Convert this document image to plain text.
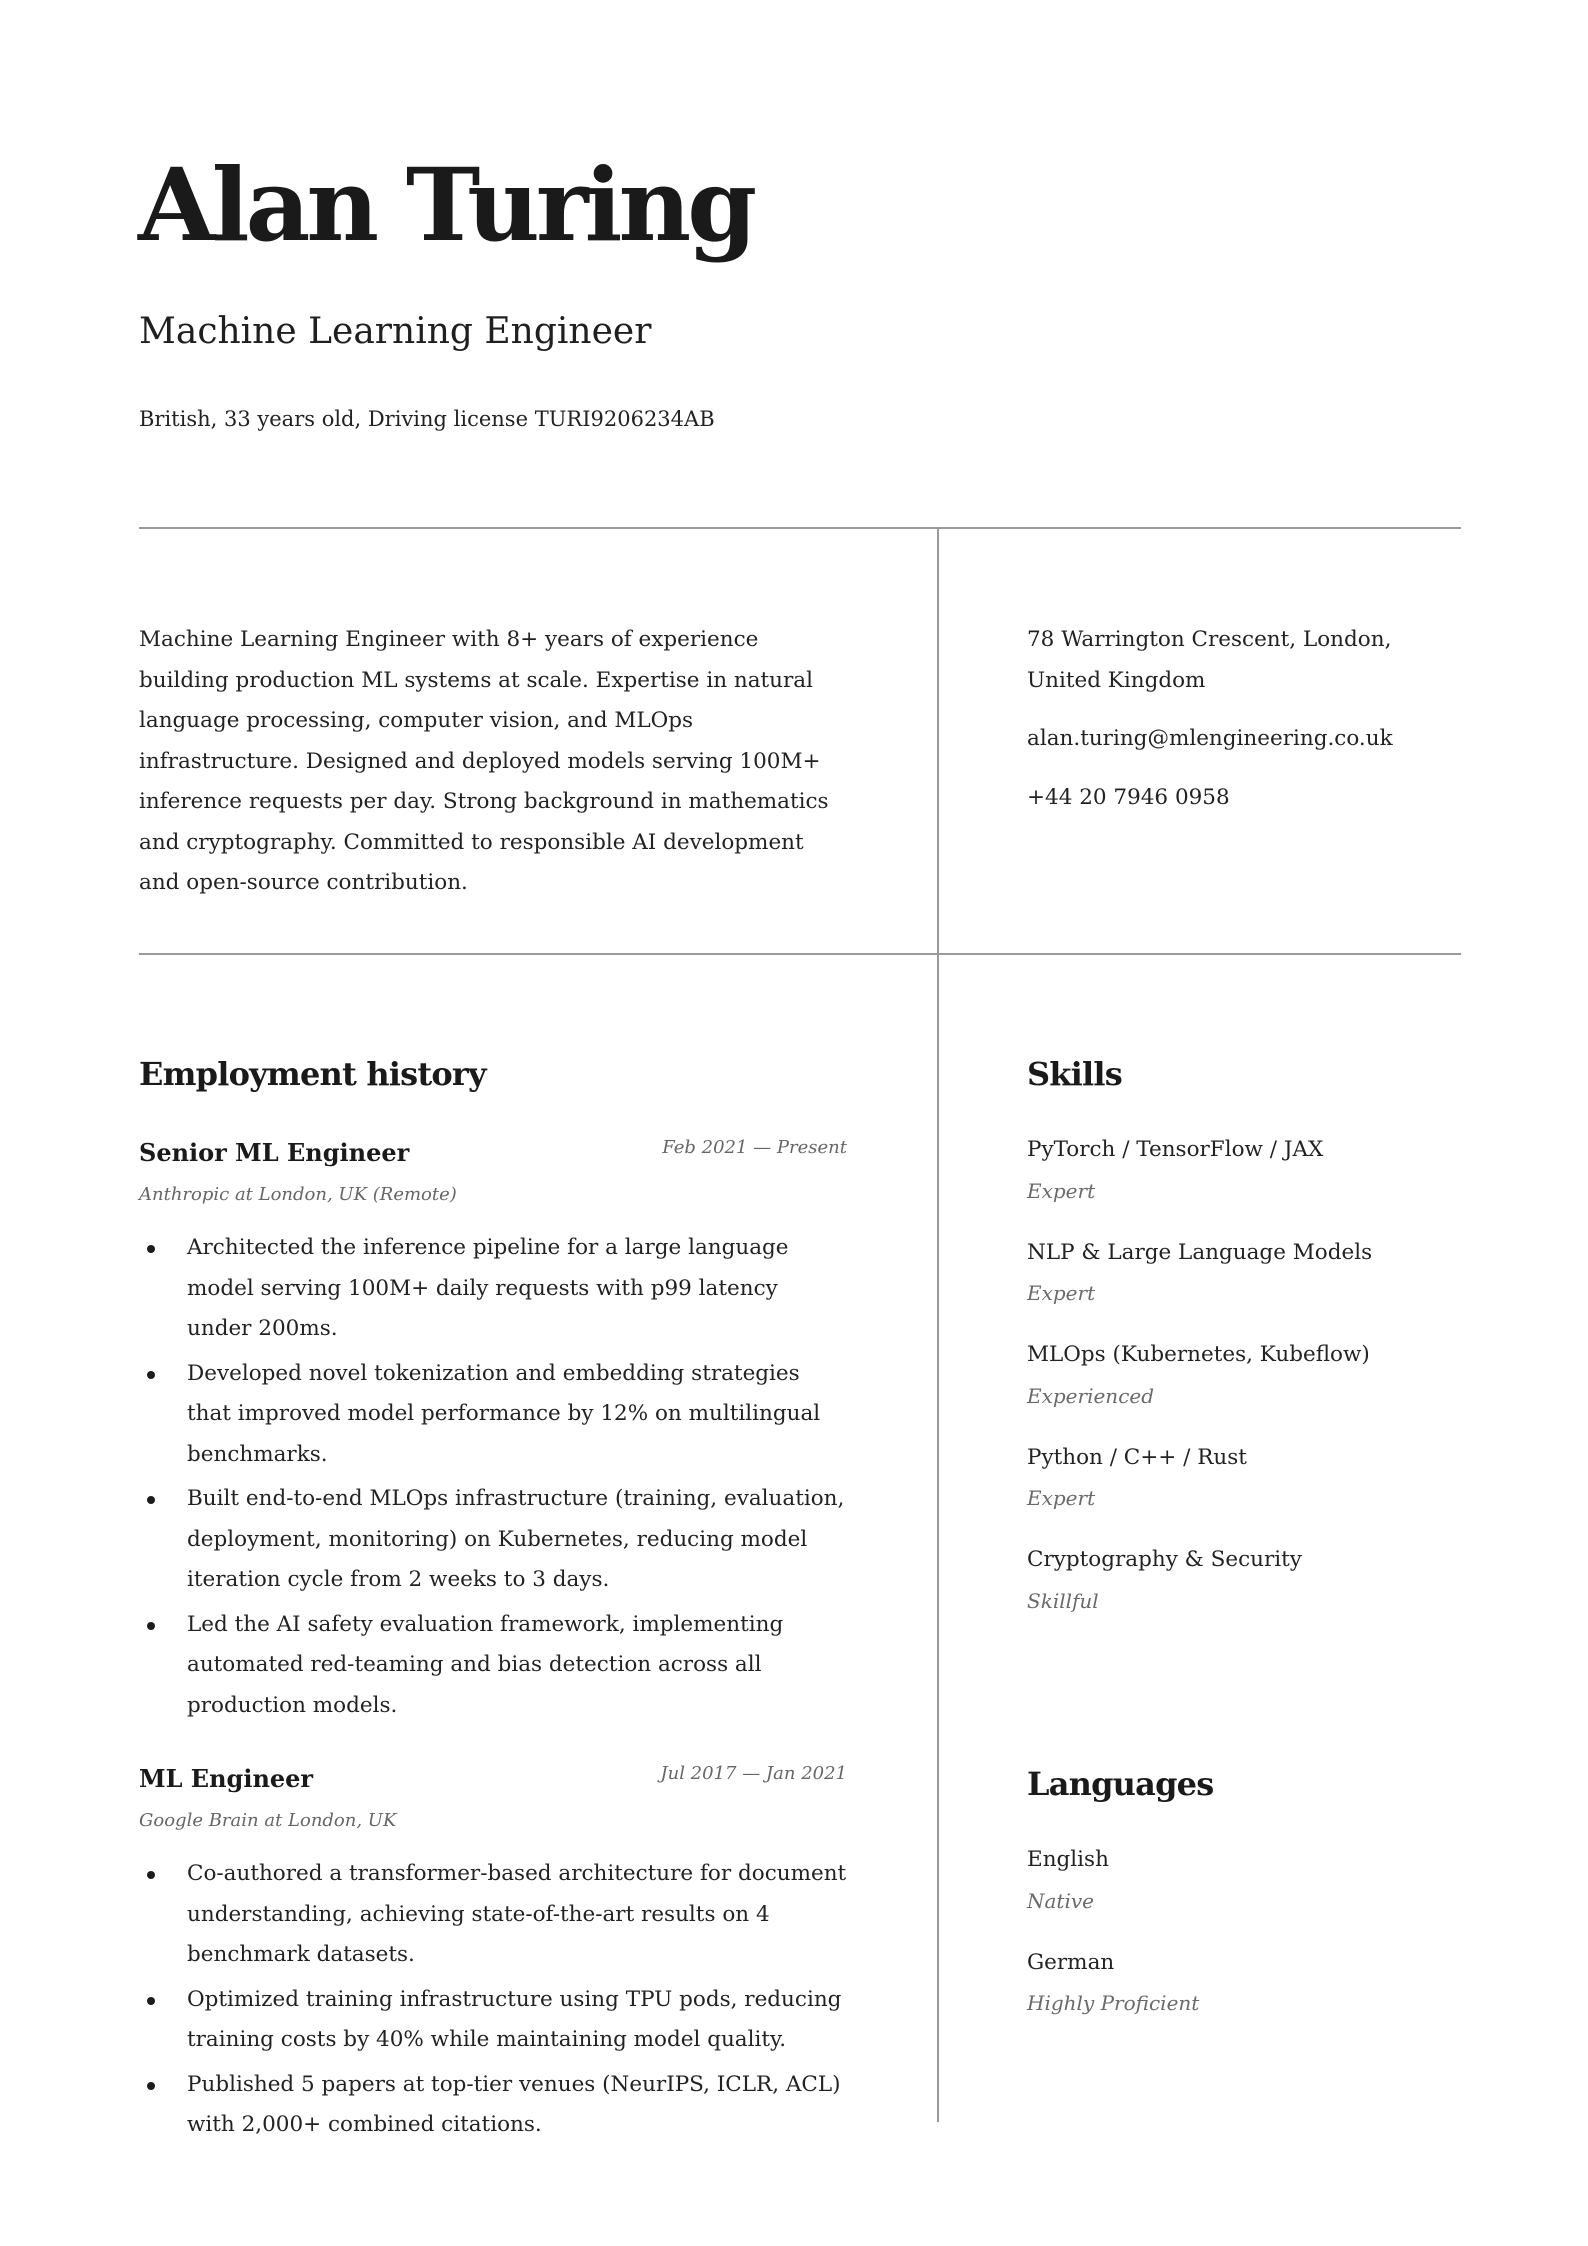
Alan Turing

Machine Learning Engineer

British, 33 years old, Driving license TURI9206234AB

Machine Learning Engineer with 8+ years of experience building production ML systems at scale. Expertise in natural language processing, computer vision, and MLOps infrastructure. Designed and deployed models serving 100M+ inference requests per day. Strong background in mathematics and cryptography. Committed to responsible AI development and open-source contribution.

78 Warrington Crescent, London, United Kingdom

alan.turing@mlengineering.co.uk

+44 20 7946 0958

Employment history

Senior ML Engineer	Feb 2021 — Present

Anthropic at London, UK (Remote)

Architected the inference pipeline for a large language model serving 100M+ daily requests with p99 latency under 200ms.
Developed novel tokenization and embedding strategies that improved model performance by 12% on multilingual benchmarks.
Built end-to-end MLOps infrastructure (training, evaluation, deployment, monitoring) on Kubernetes, reducing model iteration cycle from 2 weeks to 3 days.
Led the AI safety evaluation framework, implementing automated red-teaming and bias detection across all production models.

ML Engineer	Jul 2017 — Jan 2021

Google Brain at London, UK

Co-authored a transformer-based architecture for document understanding, achieving state-of-the-art results on 4 benchmark datasets.
Optimized training infrastructure using TPU pods, reducing training costs by 40% while maintaining model quality.
Published 5 papers at top-tier venues (NeurIPS, ICLR, ACL) with 2,000+ combined citations.
Skills

PyTorch / TensorFlow / JAX

Expert

NLP & Large Language Models

Expert

MLOps (Kubernetes, Kubeflow)

Experienced

Python / C++ / Rust

Expert

Cryptography & Security

Skillful

Languages

English

Native

German

Highly Proficient
